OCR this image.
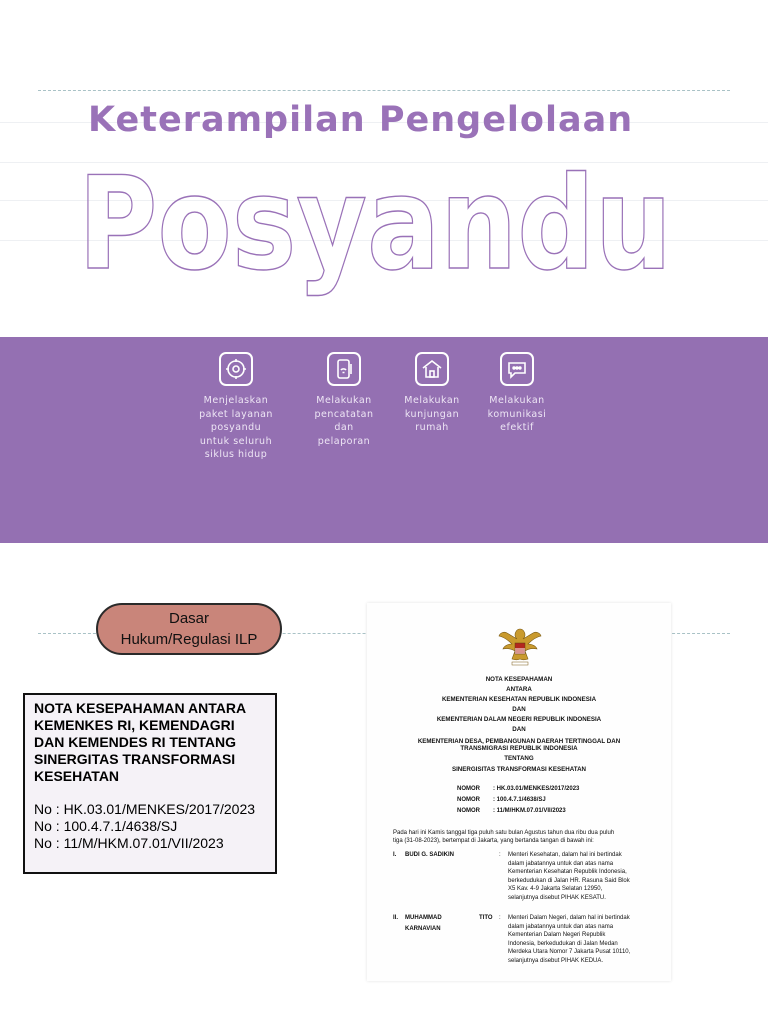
Keterampilan Pengelolaan
Posyandu
Menjelaskan
paket layanan
posyandu
untuk seluruh
siklus hidup
Melakukan
pencatatan
dan
pelaporan
Melakukan
kunjungan
rumah
Melakukan
komunikasi
efektif
Dasar
Hukum/Regulasi ILP
NOTA KESEPAHAMAN ANTARA KEMENKES RI, KEMENDAGRI DAN KEMENDES RI TENTANG SINERGITAS TRANSFORMASI KESEHATAN
No : HK.03.01/MENKES/2017/2023
No : 100.4.7.1/4638/SJ
No : 11/M/HKM.07.01/VII/2023
NOTA KESEPAHAMAN
ANTARA
KEMENTERIAN KESEHATAN REPUBLIK INDONESIA
DAN
KEMENTERIAN DALAM NEGERI REPUBLIK INDONESIA
DAN
KEMENTERIAN DESA, PEMBANGUNAN DAERAH TERTINGGAL DAN
TRANSMIGRASI REPUBLIK INDONESIA
TENTANG
SINERGISITAS TRANSFORMASI KESEHATAN
NOMOR : HK.03.01/MENKES/2017/2023
NOMOR : 100.4.7.1/4638/SJ
NOMOR : 11/M/HKM.07.01/VII/2023
Pada hari ini Kamis tanggal tiga puluh satu bulan Agustus tahun dua ribu dua puluh
tiga (31-08-2023), bertempat di Jakarta, yang bertanda tangan di bawah ini:
I. BUDI G. SADIKIN	: Menteri Kesehatan, dalam hal ini bertindak
dalam jabatannya untuk dan atas nama
Kementerian Kesehatan Republik Indonesia,
berkedudukan di Jalan HR. Rasuna Said Blok
X5 Kav. 4-9 Jakarta Selatan 12950,
selanjutnya disebut PIHAK KESATU.
II. MUHAMMAD	TITO :
KARNAVIAN
Menteri Dalam Negeri, dalam hal ini bertindak
dalam jabatannya untuk dan atas nama
Kementerian Dalam Negeri Republik
Indonesia, berkedudukan di Jalan Medan
Merdeka Utara Nomor 7 Jakarta Pusat 10110,
selanjutnya disebut PIHAK KEDUA.
